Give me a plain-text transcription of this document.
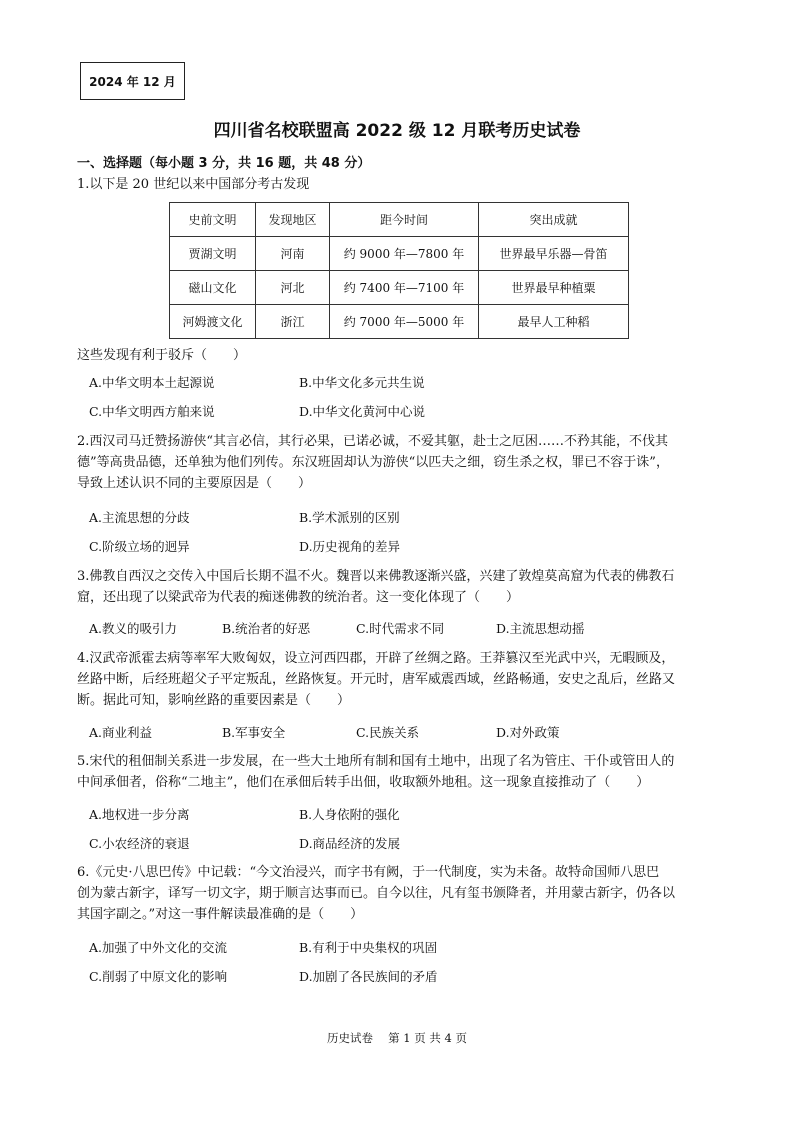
2024 年 12 月
四川省名校联盟高 2022 级 12 月联考历史试卷
一、选择题（每小题 3 分，共 16 题，共 48 分）
1.以下是 20 世纪以来中国部分考古发现
史前文明	发现地区	距今时间	突出成就
贾湖文明	河南	约 9000 年—7800 年	世界最早乐器—骨笛
磁山文化	河北	约 7400 年—7100 年	世界最早种植粟
河姆渡文化	浙江	约 7000 年—5000 年	最早人工种稻
这些发现有利于驳斥（　　）
A.中华文明本土起源说	B.中华文化多元共生说
C.中华文明西方舶来说	D.中华文化黄河中心说
2.西汉司马迁赞扬游侠“其言必信，其行必果，已诺必诚，不爱其躯，赴士之厄困……不矜其能，不伐其
德”等高贵品德，还单独为他们列传。东汉班固却认为游侠“以匹夫之细，窃生杀之权，罪已不容于诛”，
导致上述认识不同的主要原因是（　　）
A.主流思想的分歧	B.学术派别的区别
C.阶级立场的迥异	D.历史视角的差异
3.佛教自西汉之交传入中国后长期不温不火。魏晋以来佛教逐渐兴盛，兴建了敦煌莫高窟为代表的佛教石
窟，还出现了以梁武帝为代表的痴迷佛教的统治者。这一变化体现了（　　）
A.教义的吸引力	B.统治者的好恶	C.时代需求不同	D.主流思想动摇
4.汉武帝派霍去病等率军大败匈奴，设立河西四郡，开辟了丝绸之路。王莽篡汉至光武中兴，无暇顾及，
丝路中断，后经班超父子平定叛乱，丝路恢复。开元时，唐军威震西域，丝路畅通，安史之乱后，丝路又
断。据此可知，影响丝路的重要因素是（　　）
A.商业利益	B.军事安全	C.民族关系	D.对外政策
5.宋代的租佃制关系进一步发展，在一些大土地所有制和国有土地中，出现了名为管庄、干仆或管田人的
中间承佃者，俗称“二地主”，他们在承佃后转手出佃，收取额外地租。这一现象直接推动了（　　）
A.地权进一步分离	B.人身依附的强化
C.小农经济的衰退	D.商品经济的发展
6.《元史·八思巴传》中记载：“今文治浸兴，而字书有阙，于一代制度，实为未备。故特命国师八思巴
创为蒙古新字，译写一切文字，期于顺言达事而已。自今以往，凡有玺书颁降者，并用蒙古新字，仍各以
其国字副之。”对这一事件解读最准确的是（　　）
A.加强了中外文化的交流	B.有利于中央集权的巩固
C.削弱了中原文化的影响	D.加剧了各民族间的矛盾
历史试卷　 第 1 页 共 4 页
